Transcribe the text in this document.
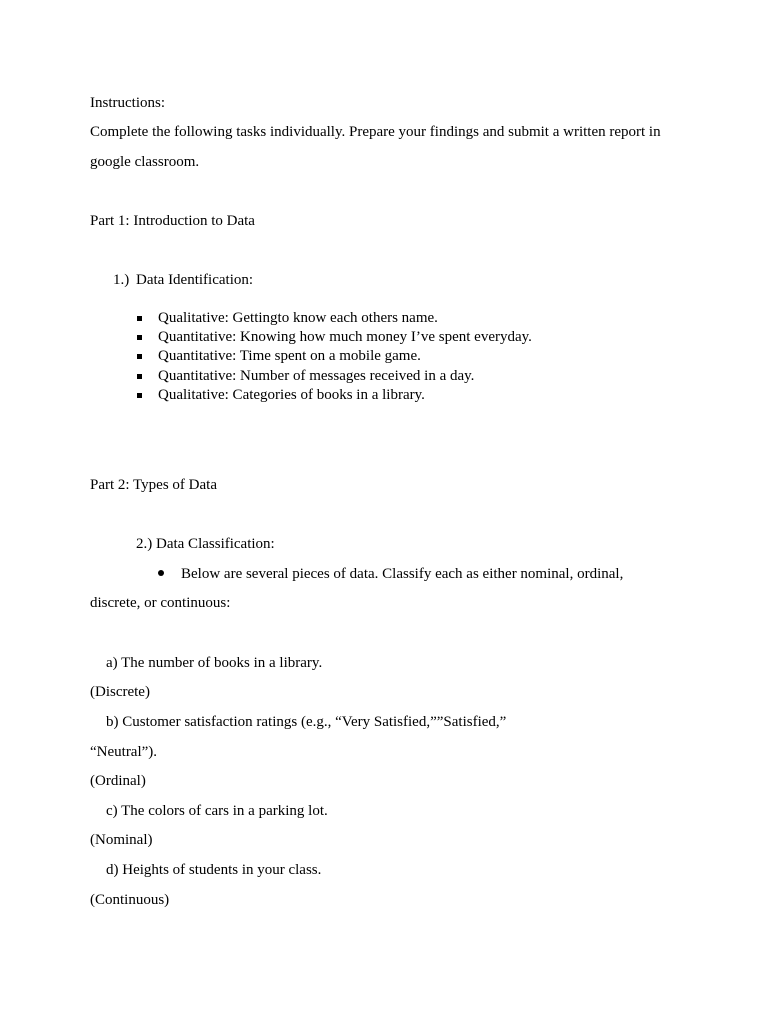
Instructions:
Complete the following tasks individually. Prepare your findings and submit a written report in
google classroom.
Part 1: Introduction to Data
1.) Data Identification:
Qualitative: Gettingto know each others name.
Quantitative: Knowing how much money I’ve spent everyday.
Quantitative: Time spent on a mobile game.
Quantitative: Number of messages received in a day.
Qualitative: Categories of books in a library.
Part 2: Types of Data
2.) Data Classification:
Below are several pieces of data. Classify each as either nominal, ordinal,
discrete, or continuous:
a) The number of books in a library.
(Discrete)
b) Customer satisfaction ratings (e.g., “Very Satisfied,””Satisfied,”
“Neutral”).
(Ordinal)
c) The colors of cars in a parking lot.
(Nominal)
d) Heights of students in your class.
(Continuous)
